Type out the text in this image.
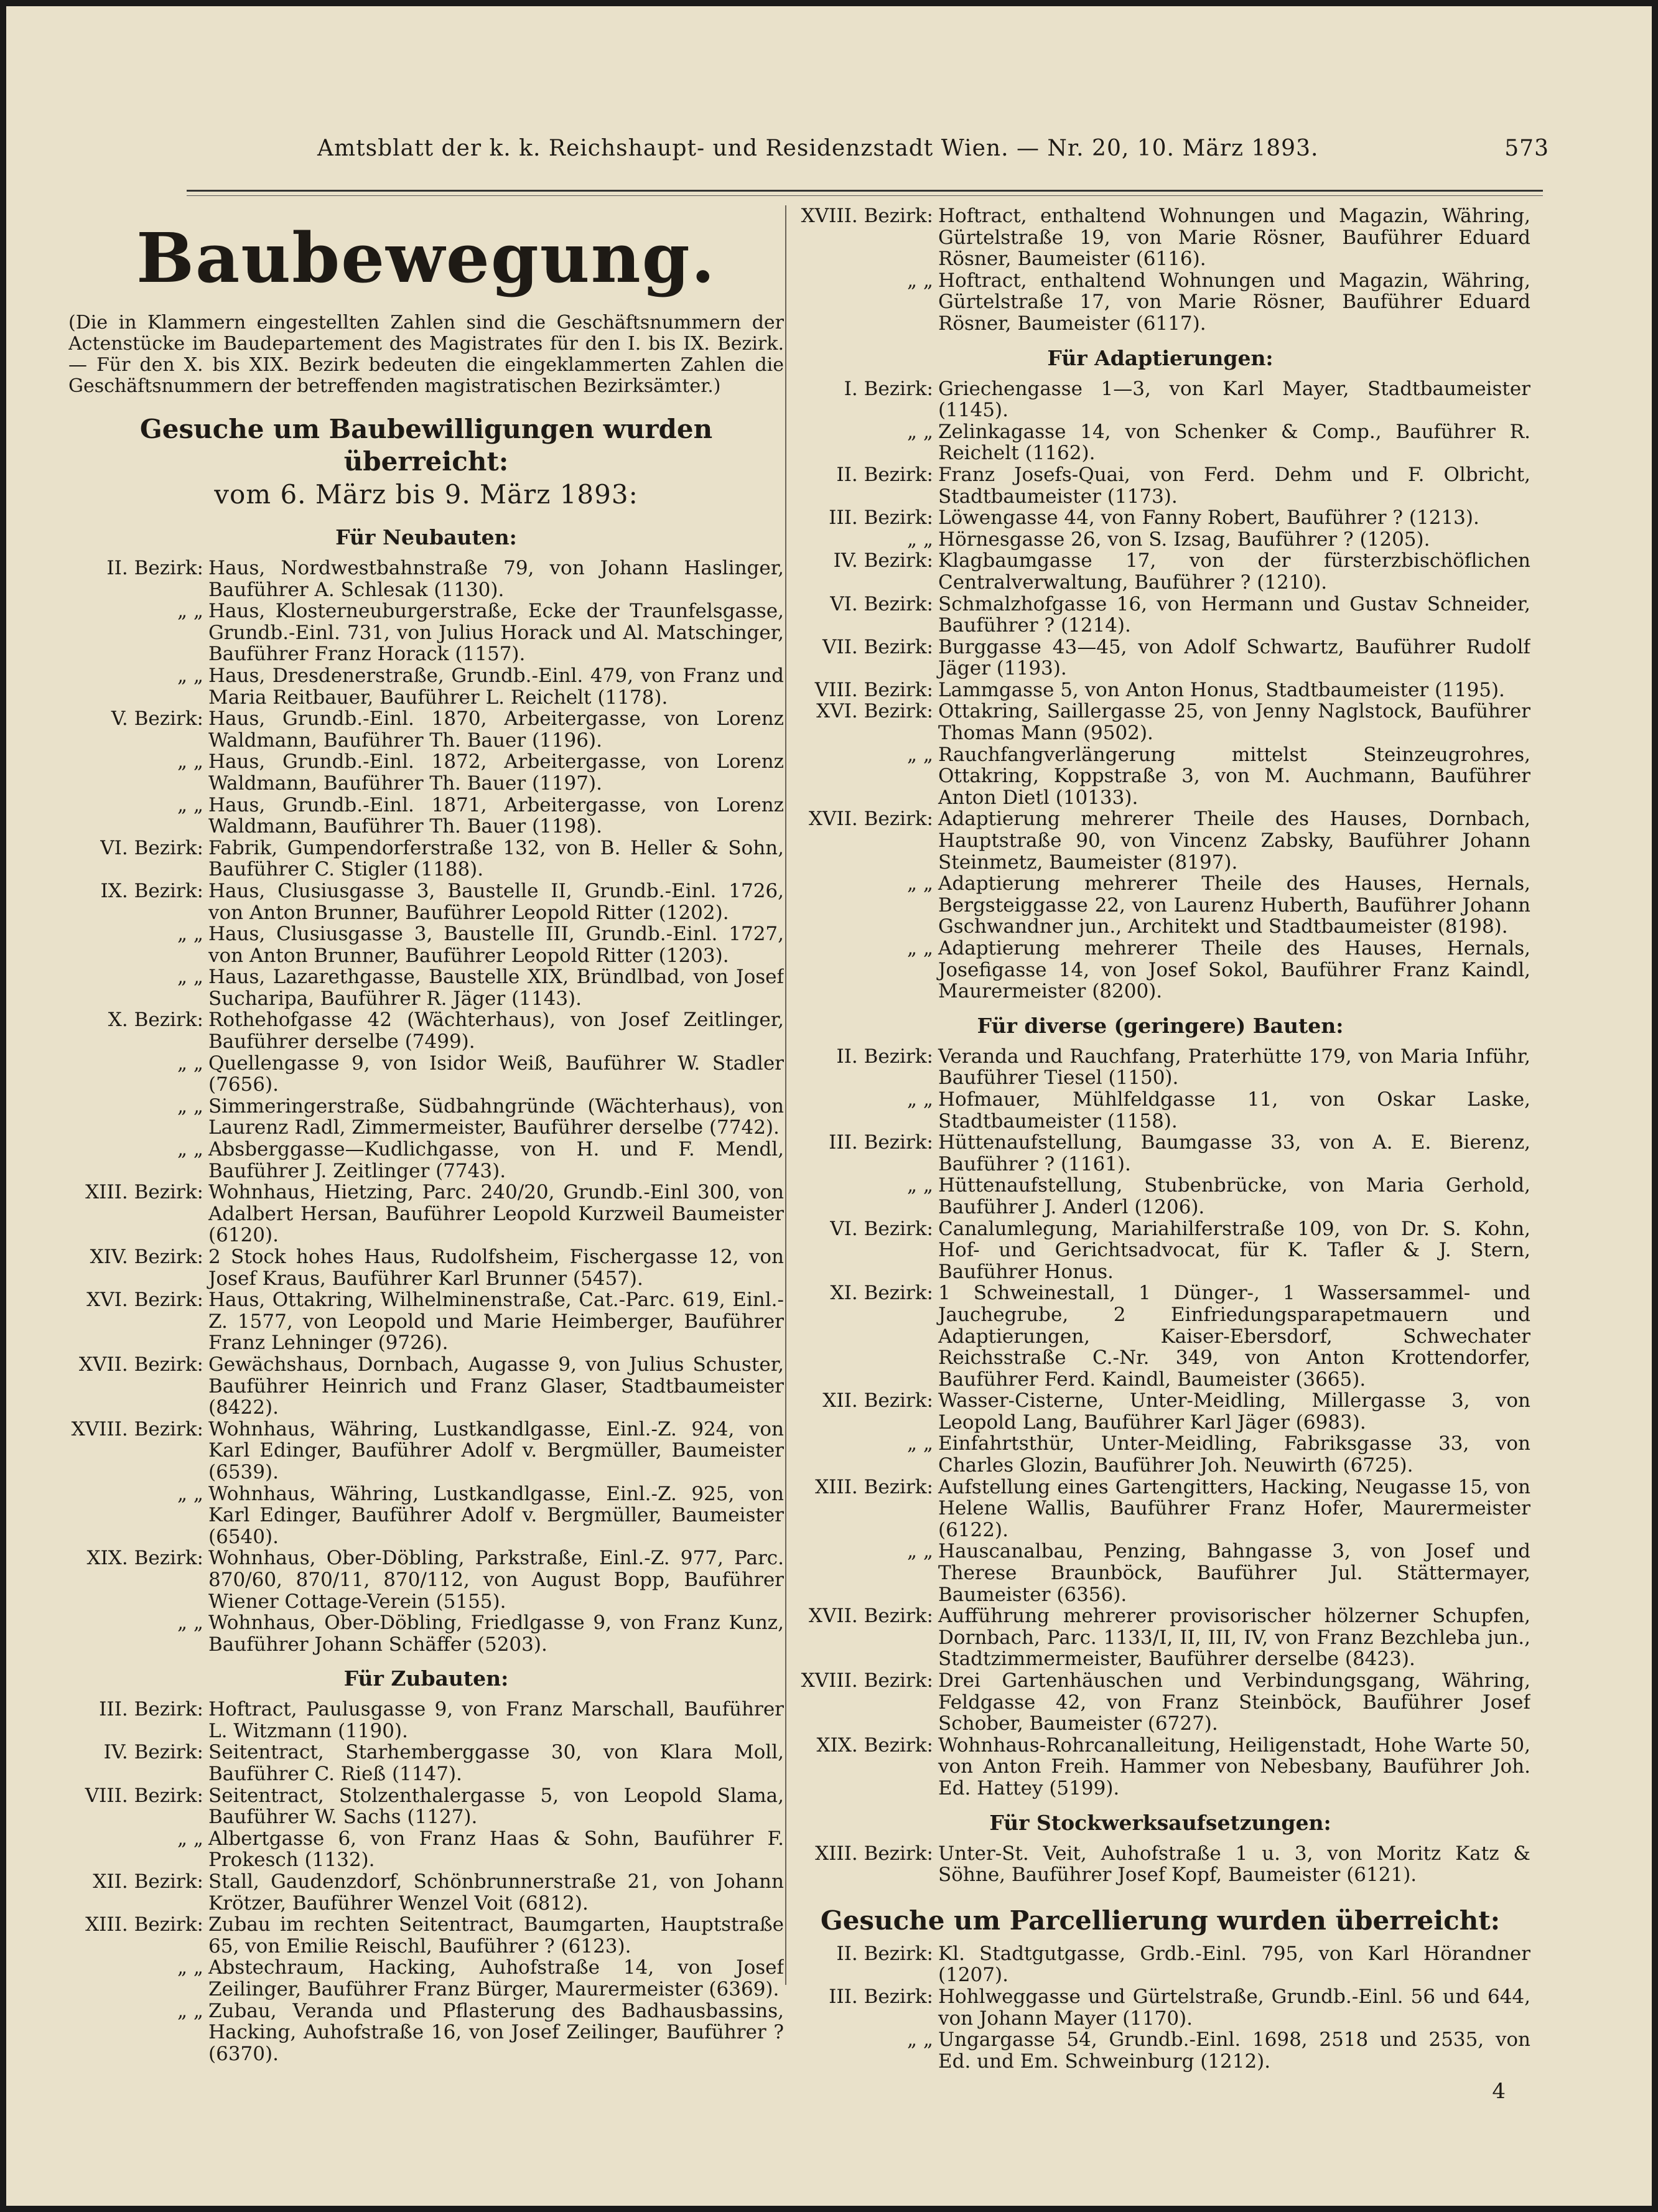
Amtsblatt der k. k. Reichshaupt- und Residenzstadt Wien. — Nr. 20, 10. März 1893.	573
Baubewegung.
(Die in Klammern eingestellten Zahlen sind die Geschäftsnummern der Actenstücke im Baudepartement des Magistrates für den I. bis IX. Bezirk. — Für den X. bis XIX. Bezirk bedeuten die eingeklammerten Zahlen die Geschäftsnummern der betreffenden magistratischen Bezirksämter.)
Gesuche um Baubewilligungen wurden überreicht:
vom 6. März bis 9. März 1893:
Für Neubauten:
II. Bezirk: Haus, Nordwestbahnstraße 79, von Johann Haslinger, Bauführer A. Schlesak (1130).
„ „ Haus, Klosterneuburgerstraße, Ecke der Traunfelsgasse, Grundb.-Einl. 731, von Julius Horack und Al. Matschinger, Bauführer Franz Horack (1157).
„ „ Haus, Dresdenerstraße, Grundb.-Einl. 479, von Franz und Maria Reitbauer, Bauführer L. Reichelt (1178).
V. Bezirk: Haus, Grundb.-Einl. 1870, Arbeitergasse, von Lorenz Waldmann, Bauführer Th. Bauer (1196).
„ „ Haus, Grundb.-Einl. 1872, Arbeitergasse, von Lorenz Waldmann, Bauführer Th. Bauer (1197).
„ „ Haus, Grundb.-Einl. 1871, Arbeitergasse, von Lorenz Waldmann, Bauführer Th. Bauer (1198).
VI. Bezirk: Fabrik, Gumpendorferstraße 132, von B. Heller & Sohn, Bauführer C. Stigler (1188).
IX. Bezirk: Haus, Clusiusgasse 3, Baustelle II, Grundb.-Einl. 1726, von Anton Brunner, Bauführer Leopold Ritter (1202).
„ „ Haus, Clusiusgasse 3, Baustelle III, Grundb.-Einl. 1727, von Anton Brunner, Bauführer Leopold Ritter (1203).
„ „ Haus, Lazarethgasse, Baustelle XIX, Bründlbad, von Josef Sucharipa, Bauführer R. Jäger (1143).
X. Bezirk: Rothehofgasse 42 (Wächterhaus), von Josef Zeitlinger, Bauführer derselbe (7499).
„ „ Quellengasse 9, von Isidor Weiß, Bauführer W. Stadler (7656).
„ „ Simmeringerstraße, Südbahngründe (Wächterhaus), von Laurenz Radl, Zimmermeister, Bauführer derselbe (7742).
„ „ Absberggasse—Kudlichgasse, von H. und F. Mendl, Bauführer J. Zeitlinger (7743).
XIII. Bezirk: Wohnhaus, Hietzing, Parc. 240/20, Grundb.-Einl 300, von Adalbert Hersan, Bauführer Leopold Kurzweil Baumeister (6120).
XIV. Bezirk: 2 Stock hohes Haus, Rudolfsheim, Fischergasse 12, von Josef Kraus, Bauführer Karl Brunner (5457).
XVI. Bezirk: Haus, Ottakring, Wilhelminenstraße, Cat.-Parc. 619, Einl.-Z. 1577, von Leopold und Marie Heimberger, Bauführer Franz Lehninger (9726).
XVII. Bezirk: Gewächshaus, Dornbach, Augasse 9, von Julius Schuster, Bauführer Heinrich und Franz Glaser, Stadtbaumeister (8422).
XVIII. Bezirk: Wohnhaus, Währing, Lustkandlgasse, Einl.-Z. 924, von Karl Edinger, Bauführer Adolf v. Bergmüller, Baumeister (6539).
„ „ Wohnhaus, Währing, Lustkandlgasse, Einl.-Z. 925, von Karl Edinger, Bauführer Adolf v. Bergmüller, Baumeister (6540).
XIX. Bezirk: Wohnhaus, Ober-Döbling, Parkstraße, Einl.-Z. 977, Parc. 870/60, 870/11, 870/112, von August Bopp, Bauführer Wiener Cottage-Verein (5155).
„ „ Wohnhaus, Ober-Döbling, Friedlgasse 9, von Franz Kunz, Bauführer Johann Schäffer (5203).
Für Zubauten:
III. Bezirk: Hoftract, Paulusgasse 9, von Franz Marschall, Bauführer L. Witzmann (1190).
IV. Bezirk: Seitentract, Starhemberggasse 30, von Klara Moll, Bauführer C. Rieß (1147).
VIII. Bezirk: Seitentract, Stolzenthalergasse 5, von Leopold Slama, Bauführer W. Sachs (1127).
„ „ Albertgasse 6, von Franz Haas & Sohn, Bauführer F. Prokesch (1132).
XII. Bezirk: Stall, Gaudenzdorf, Schönbrunnerstraße 21, von Johann Krötzer, Bauführer Wenzel Voit (6812).
XIII. Bezirk: Zubau im rechten Seitentract, Baumgarten, Hauptstraße 65, von Emilie Reischl, Bauführer ? (6123).
„ „ Abstechraum, Hacking, Auhofstraße 14, von Josef Zeilinger, Bauführer Franz Bürger, Maurermeister (6369).
„ „ Zubau, Veranda und Pflasterung des Badhausbassins, Hacking, Auhofstraße 16, von Josef Zeilinger, Bauführer ? (6370).
XVIII. Bezirk: Hoftract, enthaltend Wohnungen und Magazin, Währing, Gürtelstraße 19, von Marie Rösner, Bauführer Eduard Rösner, Baumeister (6116).
„ „ Hoftract, enthaltend Wohnungen und Magazin, Währing, Gürtelstraße 17, von Marie Rösner, Bauführer Eduard Rösner, Baumeister (6117).
Für Adaptierungen:
I. Bezirk: Griechengasse 1—3, von Karl Mayer, Stadtbaumeister (1145).
„ „ Zelinkagasse 14, von Schenker & Comp., Bauführer R. Reichelt (1162).
II. Bezirk: Franz Josefs-Quai, von Ferd. Dehm und F. Olbricht, Stadtbaumeister (1173).
III. Bezirk: Löwengasse 44, von Fanny Robert, Bauführer ? (1213).
„ „ Hörnesgasse 26, von S. Izsag, Bauführer ? (1205).
IV. Bezirk: Klagbaumgasse 17, von der fürsterzbischöflichen Centralverwaltung, Bauführer ? (1210).
VI. Bezirk: Schmalzhofgasse 16, von Hermann und Gustav Schneider, Bauführer ? (1214).
VII. Bezirk: Burggasse 43—45, von Adolf Schwartz, Bauführer Rudolf Jäger (1193).
VIII. Bezirk: Lammgasse 5, von Anton Honus, Stadtbaumeister (1195).
XVI. Bezirk: Ottakring, Saillergasse 25, von Jenny Naglstock, Bauführer Thomas Mann (9502).
„ „ Rauchfangverlängerung mittelst Steinzeugrohres, Ottakring, Koppstraße 3, von M. Auchmann, Bauführer Anton Dietl (10133).
XVII. Bezirk: Adaptierung mehrerer Theile des Hauses, Dornbach, Hauptstraße 90, von Vincenz Zabsky, Bauführer Johann Steinmetz, Baumeister (8197).
„ „ Adaptierung mehrerer Theile des Hauses, Hernals, Bergsteiggasse 22, von Laurenz Huberth, Bauführer Johann Gschwandner jun., Architekt und Stadtbaumeister (8198).
„ „ Adaptierung mehrerer Theile des Hauses, Hernals, Josefigasse 14, von Josef Sokol, Bauführer Franz Kaindl, Maurermeister (8200).
Für diverse (geringere) Bauten:
II. Bezirk: Veranda und Rauchfang, Praterhütte 179, von Maria Inführ, Bauführer Tiesel (1150).
„ „ Hofmauer, Mühlfeldgasse 11, von Oskar Laske, Stadtbaumeister (1158).
III. Bezirk: Hüttenaufstellung, Baumgasse 33, von A. E. Bierenz, Bauführer ? (1161).
„ „ Hüttenaufstellung, Stubenbrücke, von Maria Gerhold, Bauführer J. Anderl (1206).
VI. Bezirk: Canalumlegung, Mariahilferstraße 109, von Dr. S. Kohn, Hof- und Gerichtsadvocat, für K. Tafler & J. Stern, Bauführer Honus.
XI. Bezirk: 1 Schweinestall, 1 Dünger-, 1 Wassersammel- und Jauchegrube, 2 Einfriedungsparapetmauern und Adaptierungen, Kaiser-Ebersdorf, Schwechater Reichsstraße C.-Nr. 349, von Anton Krottendorfer, Bauführer Ferd. Kaindl, Baumeister (3665).
XII. Bezirk: Wasser-Cisterne, Unter-Meidling, Millergasse 3, von Leopold Lang, Bauführer Karl Jäger (6983).
„ „ Einfahrtsthür, Unter-Meidling, Fabriksgasse 33, von Charles Glozin, Bauführer Joh. Neuwirth (6725).
XIII. Bezirk: Aufstellung eines Gartengitters, Hacking, Neugasse 15, von Helene Wallis, Bauführer Franz Hofer, Maurermeister (6122).
„ „ Hauscanalbau, Penzing, Bahngasse 3, von Josef und Therese Braunböck, Bauführer Jul. Stättermayer, Baumeister (6356).
XVII. Bezirk: Aufführung mehrerer provisorischer hölzerner Schupfen, Dornbach, Parc. 1133/I, II, III, IV, von Franz Bezchleba jun., Stadtzimmermeister, Bauführer derselbe (8423).
XVIII. Bezirk: Drei Gartenhäuschen und Verbindungsgang, Währing, Feldgasse 42, von Franz Steinböck, Bauführer Josef Schober, Baumeister (6727).
XIX. Bezirk: Wohnhaus-Rohrcanalleitung, Heiligenstadt, Hohe Warte 50, von Anton Freih. Hammer von Nebesbany, Bauführer Joh. Ed. Hattey (5199).
Für Stockwerksaufsetzungen:
XIII. Bezirk: Unter-St. Veit, Auhofstraße 1 u. 3, von Moritz Katz & Söhne, Bauführer Josef Kopf, Baumeister (6121).
Gesuche um Parcellierung wurden überreicht:
II. Bezirk: Kl. Stadtgutgasse, Grdb.-Einl. 795, von Karl Hörandner (1207).
III. Bezirk: Hohlweggasse und Gürtelstraße, Grundb.-Einl. 56 und 644, von Johann Mayer (1170).
„ „ Ungargasse 54, Grundb.-Einl. 1698, 2518 und 2535, von Ed. und Em. Schweinburg (1212).
4
